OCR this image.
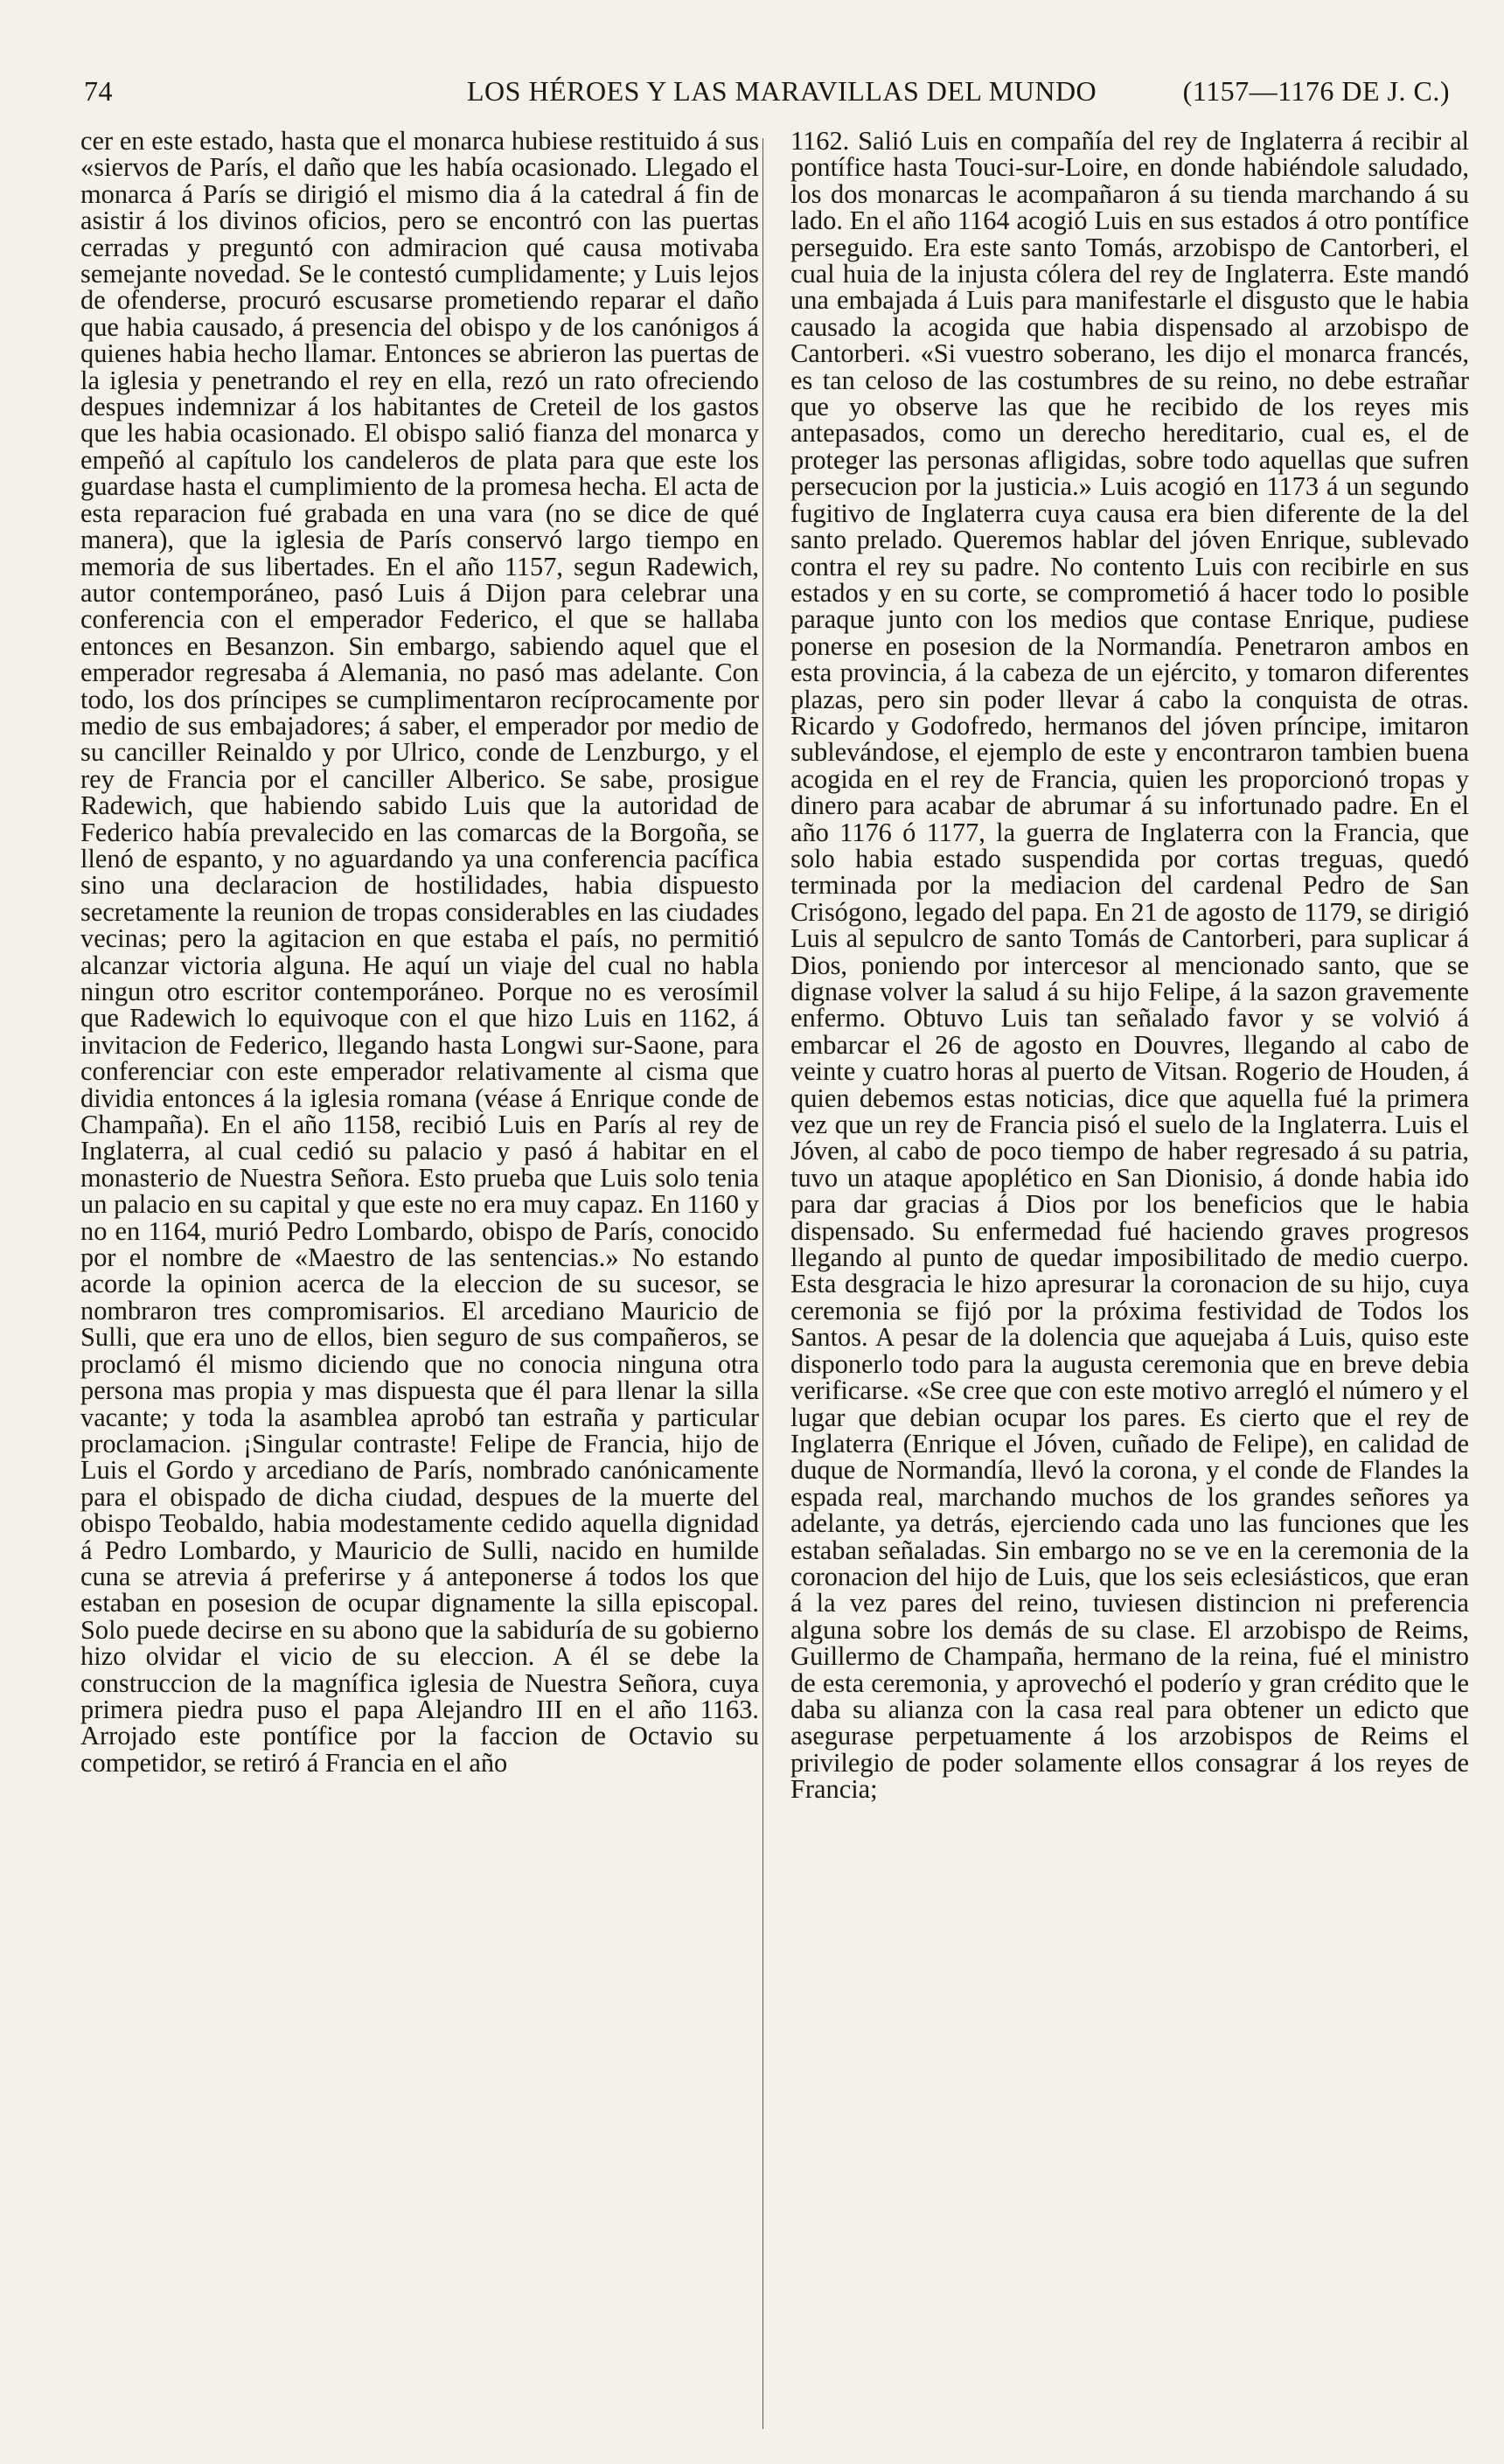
74	LOS HÉROES Y LAS MARAVILLAS DEL MUNDO	(1157—1176 DE J. C.)

cer en este estado, hasta que el monarca hubiese restituido á sus «siervos de París, el daño que les había ocasionado. Llegado el monarca á París se dirigió el mismo dia á la catedral á fin de asistir á los divinos oficios, pero se encontró con las puertas cerradas y preguntó con admiracion qué causa motivaba semejante novedad. Se le contestó cumplidamente; y Luis lejos de ofenderse, procuró escusarse prometiendo reparar el daño que habia causado, á presencia del obispo y de los canónigos á quienes habia hecho llamar. Entonces se abrieron las puertas de la iglesia y penetrando el rey en ella, rezó un rato ofreciendo despues indemnizar á los habitantes de Creteil de los gastos que les habia ocasionado. El obispo salió fianza del monarca y empeñó al capítulo los candeleros de plata para que este los guardase hasta el cumplimiento de la promesa hecha. El acta de esta reparacion fué grabada en una vara (no se dice de qué manera), que la iglesia de París conservó largo tiempo en memoria de sus libertades. En el año 1157, segun Radewich, autor contemporáneo, pasó Luis á Dijon para celebrar una conferencia con el emperador Federico, el que se hallaba entonces en Besanzon. Sin embargo, sabiendo aquel que el emperador regresaba á Alemania, no pasó mas adelante. Con todo, los dos príncipes se cumplimentaron recíprocamente por medio de sus embajadores; á saber, el emperador por medio de su canciller Reinaldo y por Ulrico, conde de Lenzburgo, y el rey de Francia por el canciller Alberico. Se sabe, prosigue Radewich, que habiendo sabido Luis que la autoridad de Federico había prevalecido en las comarcas de la Borgoña, se llenó de espanto, y no aguardando ya una conferencia pacífica sino una declaracion de hostilidades, habia dispuesto secretamente la reunion de tropas considerables en las ciudades vecinas; pero la agitacion en que estaba el país, no permitió alcanzar victoria alguna. He aquí un viaje del cual no habla ningun otro escritor contemporáneo. Porque no es verosímil que Radewich lo equivoque con el que hizo Luis en 1162, á invitacion de Federico, llegando hasta Longwi sur-Saone, para conferenciar con este emperador relativamente al cisma que dividia entonces á la iglesia romana (véase á Enrique conde de Champaña). En el año 1158, recibió Luis en París al rey de Inglaterra, al cual cedió su palacio y pasó á habitar en el monasterio de Nuestra Señora. Esto prueba que Luis solo tenia un palacio en su capital y que este no era muy capaz. En 1160 y no en 1164, murió Pedro Lombardo, obispo de París, conocido por el nombre de «Maestro de las sentencias.» No estando acorde la opinion acerca de la eleccion de su sucesor, se nombraron tres compromisarios. El arcediano Mauricio de Sulli, que era uno de ellos, bien seguro de sus compañeros, se proclamó él mismo diciendo que no conocia ninguna otra persona mas propia y mas dispuesta que él para llenar la silla vacante; y toda la asamblea aprobó tan estraña y particular proclamacion. ¡Singular contraste! Felipe de Francia, hijo de Luis el Gordo y arcediano de París, nombrado canónicamente para el obispado de dicha ciudad, despues de la muerte del obispo Teobaldo, habia modestamente cedido aquella dignidad á Pedro Lombardo, y Mauricio de Sulli, nacido en humilde cuna se atrevia á preferirse y á anteponerse á todos los que estaban en posesion de ocupar dignamente la silla episcopal. Solo puede decirse en su abono que la sabiduría de su gobierno hizo olvidar el vicio de su eleccion. A él se debe la construccion de la magnífica iglesia de Nuestra Señora, cuya primera piedra puso el papa Alejandro III en el año 1163. Arrojado este pontífice por la faccion de Octavio su competidor, se retiró á Francia en el año

1162. Salió Luis en compañía del rey de Inglaterra á recibir al pontífice hasta Touci-sur-Loire, en donde habiéndole saludado, los dos monarcas le acompañaron á su tienda marchando á su lado. En el año 1164 acogió Luis en sus estados á otro pontífice perseguido. Era este santo Tomás, arzobispo de Cantorberi, el cual huia de la injusta cólera del rey de Inglaterra. Este mandó una embajada á Luis para manifestarle el disgusto que le habia causado la acogida que habia dispensado al arzobispo de Cantorberi. «Si vuestro soberano, les dijo el monarca francés, es tan celoso de las costumbres de su reino, no debe estrañar que yo observe las que he recibido de los reyes mis antepasados, como un derecho hereditario, cual es, el de proteger las personas afligidas, sobre todo aquellas que sufren persecucion por la justicia.» Luis acogió en 1173 á un segundo fugitivo de Inglaterra cuya causa era bien diferente de la del santo prelado. Queremos hablar del jóven Enrique, sublevado contra el rey su padre. No contento Luis con recibirle en sus estados y en su corte, se comprometió á hacer todo lo posible paraque junto con los medios que contase Enrique, pudiese ponerse en posesion de la Normandía. Penetraron ambos en esta provincia, á la cabeza de un ejército, y tomaron diferentes plazas, pero sin poder llevar á cabo la conquista de otras. Ricardo y Godofredo, hermanos del jóven príncipe, imitaron sublevándose, el ejemplo de este y encontraron tambien buena acogida en el rey de Francia, quien les proporcionó tropas y dinero para acabar de abrumar á su infortunado padre. En el año 1176 ó 1177, la guerra de Inglaterra con la Francia, que solo habia estado suspendida por cortas treguas, quedó terminada por la mediacion del cardenal Pedro de San Crisógono, legado del papa. En 21 de agosto de 1179, se dirigió Luis al sepulcro de santo Tomás de Cantorberi, para suplicar á Dios, poniendo por intercesor al mencionado santo, que se dignase volver la salud á su hijo Felipe, á la sazon gravemente enfermo. Obtuvo Luis tan señalado favor y se volvió á embarcar el 26 de agosto en Douvres, llegando al cabo de veinte y cuatro horas al puerto de Vitsan. Rogerio de Houden, á quien debemos estas noticias, dice que aquella fué la primera vez que un rey de Francia pisó el suelo de la Inglaterra. Luis el Jóven, al cabo de poco tiempo de haber regresado á su patria, tuvo un ataque apoplético en San Dionisio, á donde habia ido para dar gracias á Dios por los beneficios que le habia dispensado. Su enfermedad fué haciendo graves progresos llegando al punto de quedar imposibilitado de medio cuerpo. Esta desgracia le hizo apresurar la coronacion de su hijo, cuya ceremonia se fijó por la próxima festividad de Todos los Santos. A pesar de la dolencia que aquejaba á Luis, quiso este disponerlo todo para la augusta ceremonia que en breve debia verificarse. «Se cree que con este motivo arregló el número y el lugar que debian ocupar los pares. Es cierto que el rey de Inglaterra (Enrique el Jóven, cuñado de Felipe), en calidad de duque de Normandía, llevó la corona, y el conde de Flandes la espada real, marchando muchos de los grandes señores ya adelante, ya detrás, ejerciendo cada uno las funciones que les estaban señaladas. Sin embargo no se ve en la ceremonia de la coronacion del hijo de Luis, que los seis eclesiásticos, que eran á la vez pares del reino, tuviesen distincion ni preferencia alguna sobre los demás de su clase. El arzobispo de Reims, Guillermo de Champaña, hermano de la reina, fué el ministro de esta ceremonia, y aprovechó el poderío y gran crédito que le daba su alianza con la casa real para obtener un edicto que asegurase perpetuamente á los arzobispos de Reims el privilegio de poder solamente ellos consagrar á los reyes de Francia;
